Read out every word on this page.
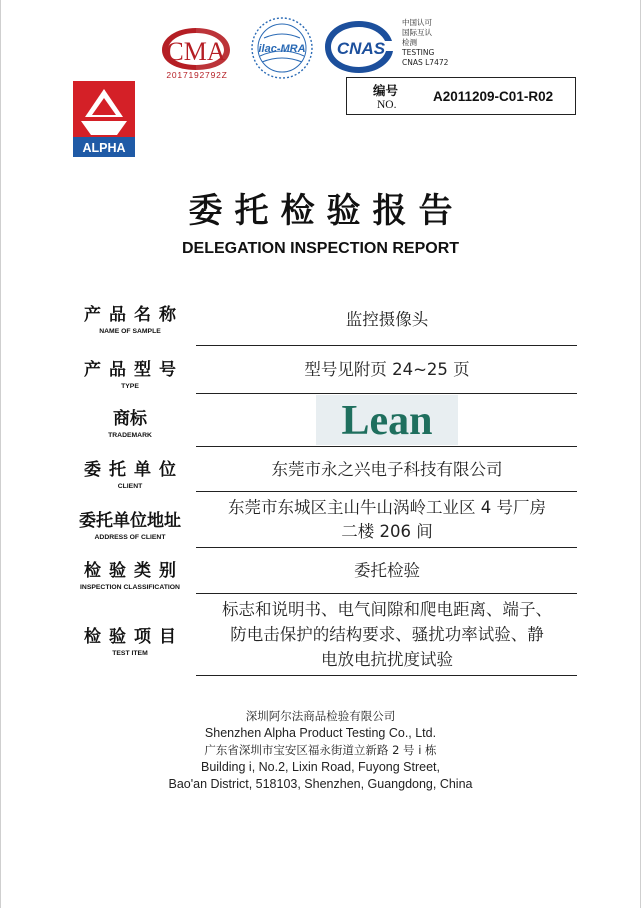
CMA
2017192792Z
ilac-MRA CNAS
中国认可
国际互认
检测
TESTING
CNAS L7472
ALPHA
编号
NO.
A2011209-C01-R02
委托检验报告
DELEGATION INSPECTION REPORT
产品名称
NAME OF SAMPLE
监控摄像头
产品型号
TYPE
型号见附页 24~25 页
商标
TRADEMARK	Lean
委托单位
CLIENT
东莞市永之兴电子科技有限公司
委托单位地址
ADDRESS OF CLIENT
东莞市东城区主山牛山涡岭工业区 4 号厂房
二楼 206 间
检验类别
INSPECTION CLASSIFICATION
委托检验
检验项目
TEST ITEM
标志和说明书、电气间隙和爬电距离、端子、
防电击保护的结构要求、骚扰功率试验、静
电放电抗扰度试验
深圳阿尔法商品检验有限公司
Shenzhen Alpha Product Testing Co., Ltd.
广东省深圳市宝安区福永街道立新路 2 号 i 栋
Building i, No.2, Lixin Road, Fuyong Street,
Bao'an District, 518103, Shenzhen, Guangdong, China
